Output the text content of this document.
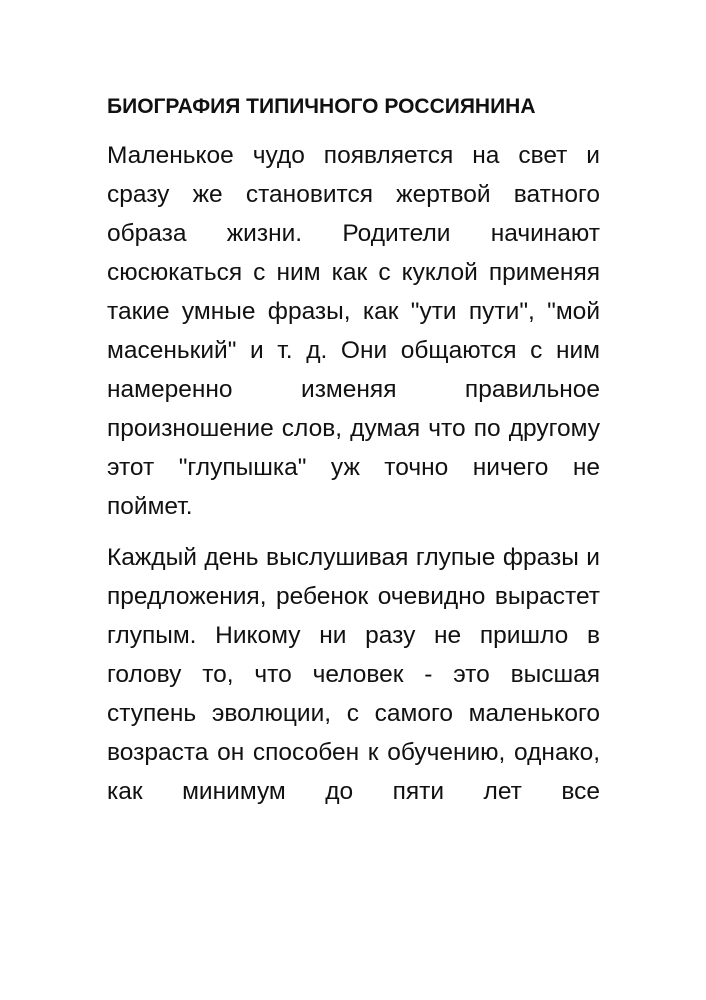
БИОГРАФИЯ ТИПИЧНОГО РОССИЯНИНА

Маленькое чудо появляется на свет и сразу же становится жертвой ватного образа жизни. Родители начинают сюсюкаться с ним как с куклой применяя такие умные фразы, как "ути пути", "мой масенький" и т. д. Они общаются с ним намеренно изменяя правильное произношение слов, думая что по другому этот "глупышка" уж точно ничего не поймет.

Каждый день выслушивая глупые фразы и предложения, ребенок очевидно вырастет глупым. Никому ни разу не пришло в голову то, что человек - это высшая ступень эволюции, с самого маленького возраста он способен к обучению, однако, как минимум до пяти лет все
